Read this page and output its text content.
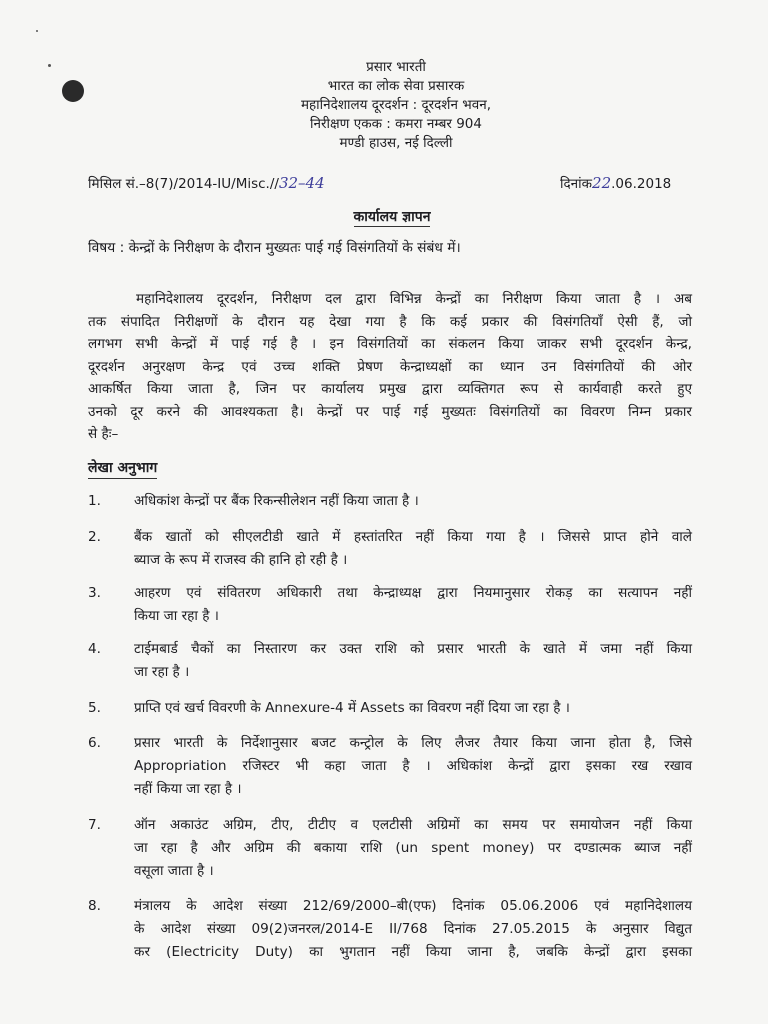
प्रसार भारती
भारत का लोक सेवा प्रसारक
महानिदेशालय दूरदर्शन : दूरदर्शन भवन,
निरीक्षण एकक : कमरा नम्बर 904
मण्डी हाउस, नई दिल्ली
मिसिल सं.–8(7)/2014-IU/Misc.//32–44	दिनांक22.06.2018
कार्यालय ज्ञापन
विषय : केन्द्रों के निरीक्षण के दौरान मुख्यतः पाई गई विसंगतियों के संबंध में।
महानिदेशालय दूरदर्शन, निरीक्षण दल द्वारा विभिन्न केन्द्रों का निरीक्षण किया जाता है । अब
तक संपादित निरीक्षणों के दौरान यह देखा गया है कि कई प्रकार की विसंगतियाँ ऐसी हैं, जो
लगभग सभी केन्द्रों में पाई गई है । इन विसंगतियों का संकलन किया जाकर सभी दूरदर्शन केन्द्र,
दूरदर्शन अनुरक्षण केन्द्र एवं उच्च शक्ति प्रेषण केन्द्राध्यक्षों का ध्यान उन विसंगतियों की ओर
आकर्षित किया जाता है, जिन पर कार्यालय प्रमुख द्वारा व्यक्तिगत रूप से कार्यवाही करते हुए
उनको दूर करने की आवश्यकता है। केन्द्रों पर पाई गई मुख्यतः विसंगतियों का विवरण निम्न प्रकार
से हैः–
लेखा अनुभाग
1.	अधिकांश केन्द्रों पर बैंक रिकन्सीलेशन नहीं किया जाता है ।
2.	बैंक खातों को सीएलटीडी खाते में हस्तांतरित नहीं किया गया है । जिससे प्राप्त होने वाले
ब्याज के रूप में राजस्व की हानि हो रही है ।
3.	आहरण एवं संवितरण अधिकारी तथा केन्द्राध्यक्ष द्वारा नियमानुसार रोकड़ का सत्यापन नहीं
किया जा रहा है ।
4.	टाईमबार्ड चैकों का निस्तारण कर उक्त राशि को प्रसार भारती के खाते में जमा नहीं किया
जा रहा है ।
5.	प्राप्ति एवं खर्च विवरणी के Annexure-4 में Assets का विवरण नहीं दिया जा रहा है ।
6.	प्रसार भारती के निर्देशानुसार बजट कन्ट्रोल के लिए लैजर तैयार किया जाना होता है, जिसे
Appropriation रजिस्टर भी कहा जाता है । अधिकांश केन्द्रों द्वारा इसका रख रखाव
नहीं किया जा रहा है ।
7.	ऑन अकाउंट अग्रिम, टीए, टीटीए व एलटीसी अग्रिमों का समय पर समायोजन नहीं किया
जा रहा है और अग्रिम की बकाया राशि (un spent money) पर दण्डात्मक ब्याज नहीं
वसूला जाता है ।
8.	मंत्रालय के आदेश संख्या 212/69/2000–बी(एफ) दिनांक 05.06.2006 एवं महानिदेशालय
के आदेश संख्या 09(2)जनरल/2014-E II/768 दिनांक 27.05.2015 के अनुसार विद्युत
कर (Electricity Duty) का भुगतान नहीं किया जाना है, जबकि केन्द्रों द्वारा इसका
